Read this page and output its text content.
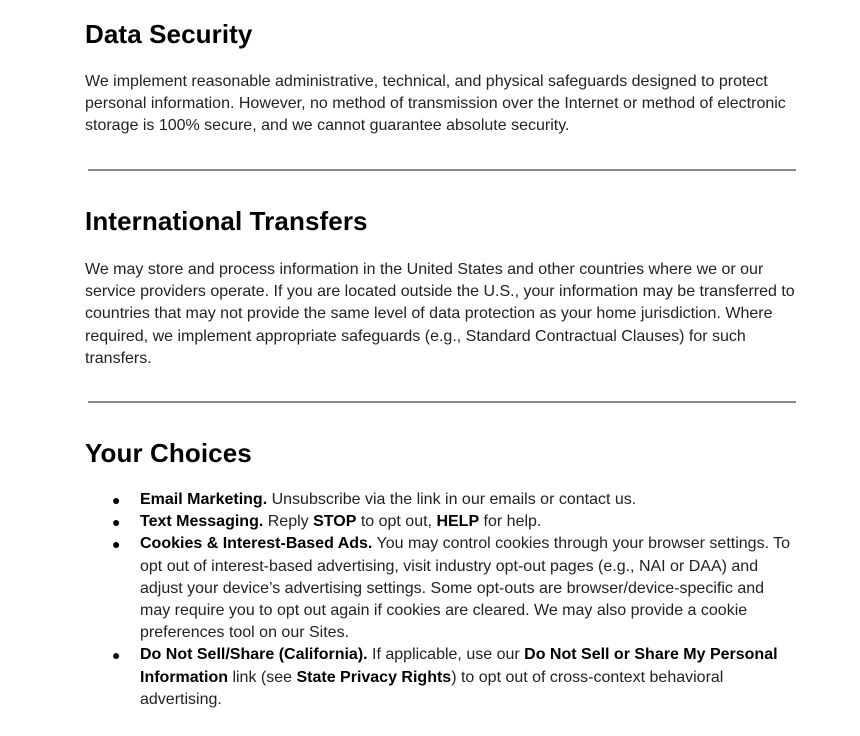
Data Security

We implement reasonable administrative, technical, and physical safeguards designed to protect personal information. However, no method of transmission over the Internet or method of electronic storage is 100% secure, and we cannot guarantee absolute security.

International Transfers

We may store and process information in the United States and other countries where we or our service providers operate. If you are located outside the U.S., your information may be transferred to countries that may not provide the same level of data protection as your home jurisdiction. Where required, we implement appropriate safeguards (e.g., Standard Contractual Clauses) for such transfers.

Your Choices
● Email Marketing. Unsubscribe via the link in our emails or contact us.
● Text Messaging. Reply STOP to opt out, HELP for help.
● Cookies & Interest-Based Ads. You may control cookies through your browser settings. To opt out of interest-based advertising, visit industry opt-out pages (e.g., NAI or DAA) and adjust your device’s advertising settings. Some opt-outs are browser/device-specific and may require you to opt out again if cookies are cleared. We may also provide a cookie preferences tool on our Sites.
● Do Not Sell/Share (California). If applicable, use our Do Not Sell or Share My Personal Information link (see State Privacy Rights) to opt out of cross-context behavioral advertising.
